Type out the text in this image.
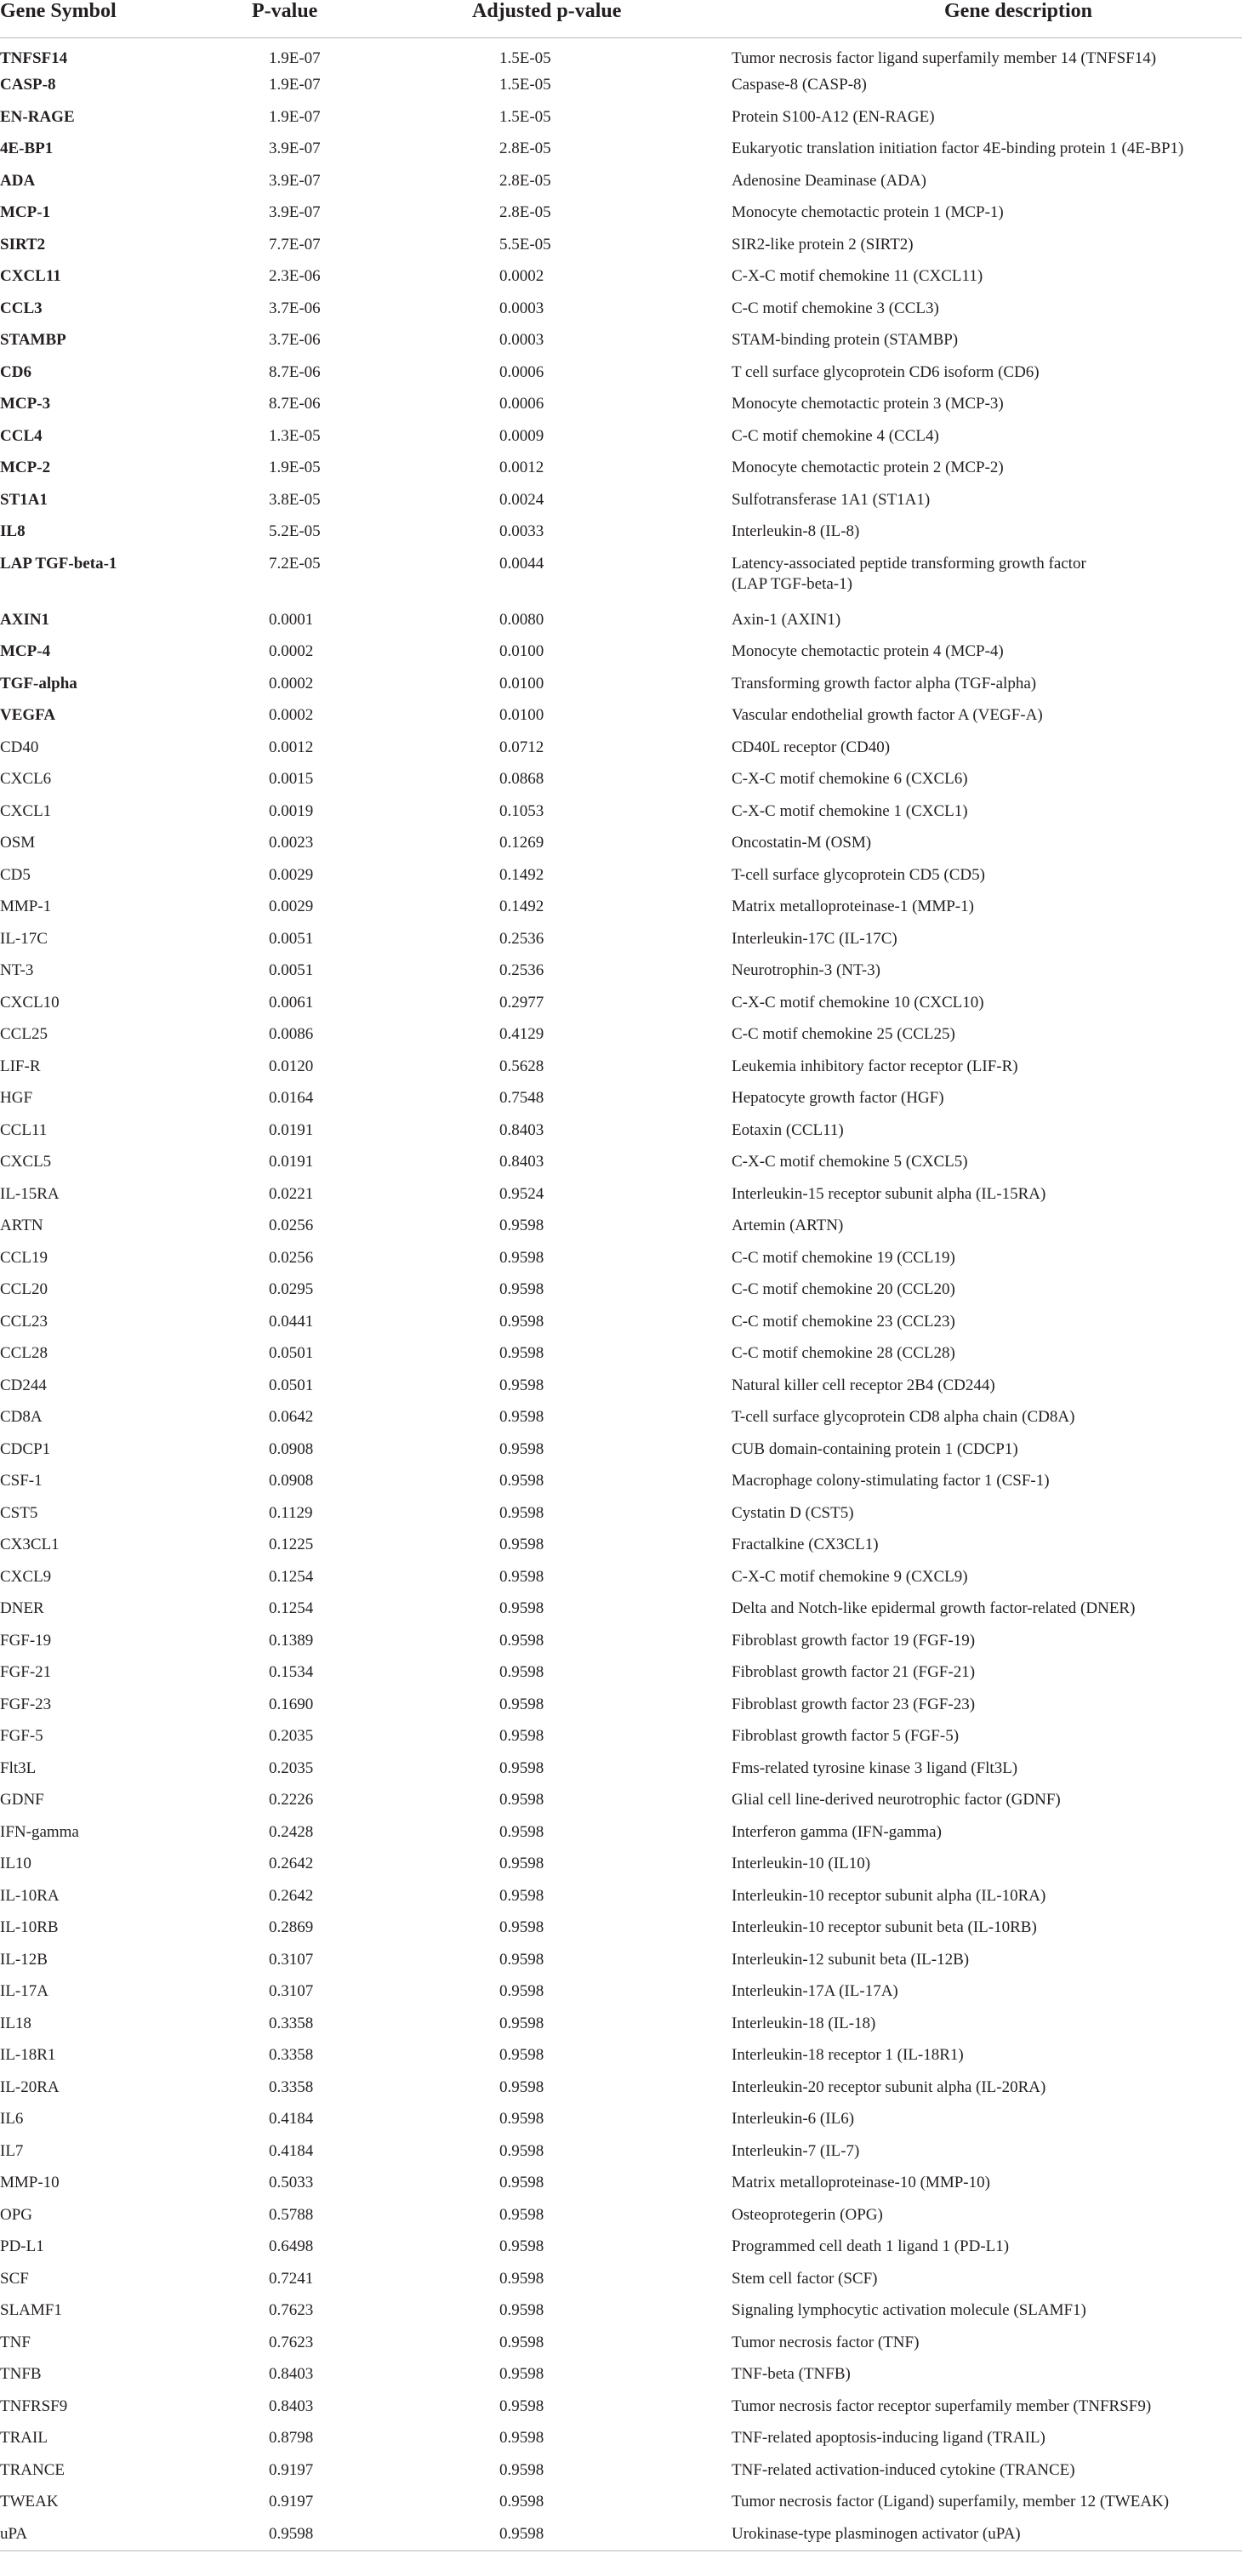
Gene Symbol	P-value	Adjusted p-value	Gene description
TNFSF14	1.9E-07	1.5E-05	Tumor necrosis factor ligand superfamily member 14 (TNFSF14)

CASP-8	1.9E-07	1.5E-05	Caspase-8 (CASP-8)

EN-RAGE	1.9E-07	1.5E-05	Protein S100-A12 (EN-RAGE)

4E-BP1	3.9E-07	2.8E-05	Eukaryotic translation initiation factor 4E-binding protein 1 (4E-BP1)

ADA	3.9E-07	2.8E-05	Adenosine Deaminase (ADA)

MCP-1	3.9E-07	2.8E-05	Monocyte chemotactic protein 1 (MCP-1)

SIRT2	7.7E-07	5.5E-05	SIR2-like protein 2 (SIRT2)

CXCL11	2.3E-06	0.0002	C-X-C motif chemokine 11 (CXCL11)

CCL3	3.7E-06	0.0003	C-C motif chemokine 3 (CCL3)

STAMBP	3.7E-06	0.0003	STAM-binding protein (STAMBP)

CD6	8.7E-06	0.0006	T cell surface glycoprotein CD6 isoform (CD6)

MCP-3	8.7E-06	0.0006	Monocyte chemotactic protein 3 (MCP-3)

CCL4	1.3E-05	0.0009	C-C motif chemokine 4 (CCL4)

MCP-2	1.9E-05	0.0012	Monocyte chemotactic protein 2 (MCP-2)

ST1A1	3.8E-05	0.0024	Sulfotransferase 1A1 (ST1A1)

IL8	5.2E-05	0.0033	Interleukin-8 (IL-8)

LAP TGF-beta-1	7.2E-05	0.0044	Latency-associated peptide transforming growth factor
(LAP TGF-beta-1)

AXIN1	0.0001	0.0080	Axin-1 (AXIN1)

MCP-4	0.0002	0.0100	Monocyte chemotactic protein 4 (MCP-4)

TGF-alpha	0.0002	0.0100	Transforming growth factor alpha (TGF-alpha)

VEGFA	0.0002	0.0100	Vascular endothelial growth factor A (VEGF-A)

CD40	0.0012	0.0712	CD40L receptor (CD40)

CXCL6	0.0015	0.0868	C-X-C motif chemokine 6 (CXCL6)

CXCL1	0.0019	0.1053	C-X-C motif chemokine 1 (CXCL1)

OSM	0.0023	0.1269	Oncostatin-M (OSM)

CD5	0.0029	0.1492	T-cell surface glycoprotein CD5 (CD5)

MMP-1	0.0029	0.1492	Matrix metalloproteinase-1 (MMP-1)

IL-17C	0.0051	0.2536	Interleukin-17C (IL-17C)

NT-3	0.0051	0.2536	Neurotrophin-3 (NT-3)

CXCL10	0.0061	0.2977	C-X-C motif chemokine 10 (CXCL10)

CCL25	0.0086	0.4129	C-C motif chemokine 25 (CCL25)

LIF-R	0.0120	0.5628	Leukemia inhibitory factor receptor (LIF-R)

HGF	0.0164	0.7548	Hepatocyte growth factor (HGF)

CCL11	0.0191	0.8403	Eotaxin (CCL11)

CXCL5	0.0191	0.8403	C-X-C motif chemokine 5 (CXCL5)

IL-15RA	0.0221	0.9524	Interleukin-15 receptor subunit alpha (IL-15RA)

ARTN	0.0256	0.9598	Artemin (ARTN)

CCL19	0.0256	0.9598	C-C motif chemokine 19 (CCL19)

CCL20	0.0295	0.9598	C-C motif chemokine 20 (CCL20)

CCL23	0.0441	0.9598	C-C motif chemokine 23 (CCL23)

CCL28	0.0501	0.9598	C-C motif chemokine 28 (CCL28)

CD244	0.0501	0.9598	Natural killer cell receptor 2B4 (CD244)

CD8A	0.0642	0.9598	T-cell surface glycoprotein CD8 alpha chain (CD8A)

CDCP1	0.0908	0.9598	CUB domain-containing protein 1 (CDCP1)

CSF-1	0.0908	0.9598	Macrophage colony-stimulating factor 1 (CSF-1)

CST5	0.1129	0.9598	Cystatin D (CST5)

CX3CL1	0.1225	0.9598	Fractalkine (CX3CL1)

CXCL9	0.1254	0.9598	C-X-C motif chemokine 9 (CXCL9)

DNER	0.1254	0.9598	Delta and Notch-like epidermal growth factor-related (DNER)

FGF-19	0.1389	0.9598	Fibroblast growth factor 19 (FGF-19)

FGF-21	0.1534	0.9598	Fibroblast growth factor 21 (FGF-21)

FGF-23	0.1690	0.9598	Fibroblast growth factor 23 (FGF-23)

FGF-5	0.2035	0.9598	Fibroblast growth factor 5 (FGF-5)

Flt3L	0.2035	0.9598	Fms-related tyrosine kinase 3 ligand (Flt3L)

GDNF	0.2226	0.9598	Glial cell line-derived neurotrophic factor (GDNF)

IFN-gamma	0.2428	0.9598	Interferon gamma (IFN-gamma)

IL10	0.2642	0.9598	Interleukin-10 (IL10)

IL-10RA	0.2642	0.9598	Interleukin-10 receptor subunit alpha (IL-10RA)

IL-10RB	0.2869	0.9598	Interleukin-10 receptor subunit beta (IL-10RB)

IL-12B	0.3107	0.9598	Interleukin-12 subunit beta (IL-12B)

IL-17A	0.3107	0.9598	Interleukin-17A (IL-17A)

IL18	0.3358	0.9598	Interleukin-18 (IL-18)

IL-18R1	0.3358	0.9598	Interleukin-18 receptor 1 (IL-18R1)

IL-20RA	0.3358	0.9598	Interleukin-20 receptor subunit alpha (IL-20RA)

IL6	0.4184	0.9598	Interleukin-6 (IL6)

IL7	0.4184	0.9598	Interleukin-7 (IL-7)

MMP-10	0.5033	0.9598	Matrix metalloproteinase-10 (MMP-10)

OPG	0.5788	0.9598	Osteoprotegerin (OPG)

PD-L1	0.6498	0.9598	Programmed cell death 1 ligand 1 (PD-L1)

SCF	0.7241	0.9598	Stem cell factor (SCF)

SLAMF1	0.7623	0.9598	Signaling lymphocytic activation molecule (SLAMF1)

TNF	0.7623	0.9598	Tumor necrosis factor (TNF)

TNFB	0.8403	0.9598	TNF-beta (TNFB)

TNFRSF9	0.8403	0.9598	Tumor necrosis factor receptor superfamily member (TNFRSF9)

TRAIL	0.8798	0.9598	TNF-related apoptosis-inducing ligand (TRAIL)

TRANCE	0.9197	0.9598	TNF-related activation-induced cytokine (TRANCE)

TWEAK	0.9197	0.9598	Tumor necrosis factor (Ligand) superfamily, member 12 (TWEAK)

uPA	0.9598	0.9598	Urokinase-type plasminogen activator (uPA)
